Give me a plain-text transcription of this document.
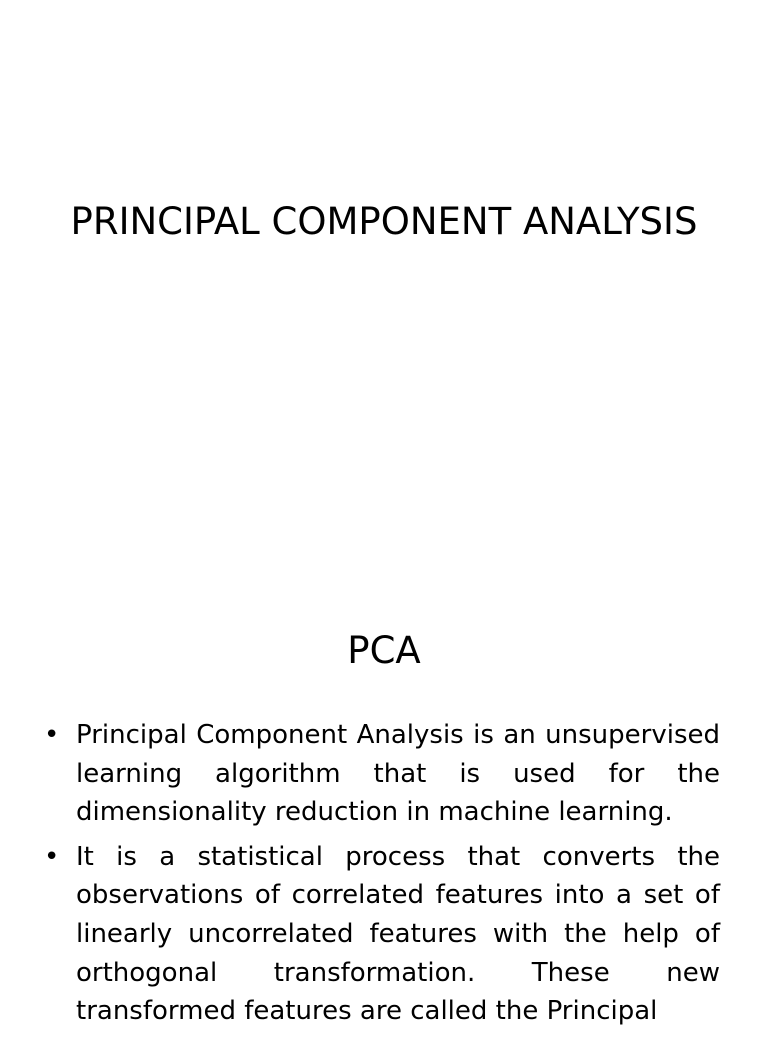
PRINCIPAL COMPONENT ANALYSIS
PCA
• Principal Component Analysis is an unsupervised learning algorithm that is used for the dimensionality reduction in machine learning.
• It is a statistical process that converts the observations of correlated features into a set of linearly uncorrelated features with the help of orthogonal transformation. These new transformed features are called the Principal
